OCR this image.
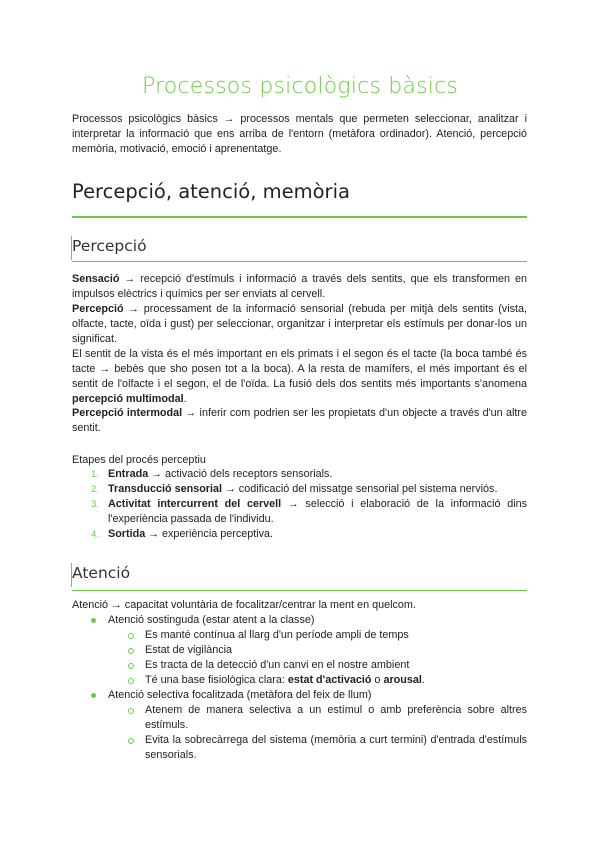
Processos psicològics bàsics

Processos psicològics bàsics → processos mentals que permeten seleccionar, analitzar i interpretar la informació que ens arriba de l'entorn (metàfora ordinador). Atenció, percepció memòria, motivació, emoció i aprenentatge.

Percepció, atenció, memòria
Percepció

Sensació → recepció d'estímuls i informació a través dels sentits, que els transformen en impulsos elèctrics i químics per ser enviats al cervell.

Percepció → processament de la informació sensorial (rebuda per mitjà dels sentits (vista, olfacte, tacte, oïda i gust) per seleccionar, organitzar i interpretar els estímuls per donar-los un significat.

El sentit de la vista és el més important en els primats i el segon és el tacte (la boca també és tacte → bebès que sho posen tot a la boca). A la resta de mamífers, el més important és el sentit de l'olfacte i el segon, el de l'oïda. La fusió dels dos sentits més importants s'anomena percepció multimodal.

Percepció intermodal → inferir com podrien ser les propietats d'un objecte a través d'un altre sentit.

Etapes del procés perceptiu
1. Entrada → activació dels receptors sensorials.
2. Transducció sensorial → codificació del missatge sensorial pel sistema nerviós.
3. Activitat intercurrent del cervell → selecció i elaboració de la informació dins l'experiència passada de l'individu.

4. Sortida → experiència perceptiva.
Atenció
Atenció → capacitat voluntària de focalitzar/centrar la ment en quelcom.
Atenció sostinguda (estar atent a la classe)
Es manté contínua al llarg d'un període ampli de temps
Estat de vigilància
Es tracta de la detecció d'un canvi en el nostre ambient
Té una base fisiològica clara: estat d'activació o arousal.
Atenció selectiva focalitzada (metàfora del feix de llum)

Atenem de manera selectiva a un estímul o amb preferència sobre altres estímuls.

Evita la sobrecàrrega del sistema (memòria a curt termini) d'entrada d'estímuls sensorials.
